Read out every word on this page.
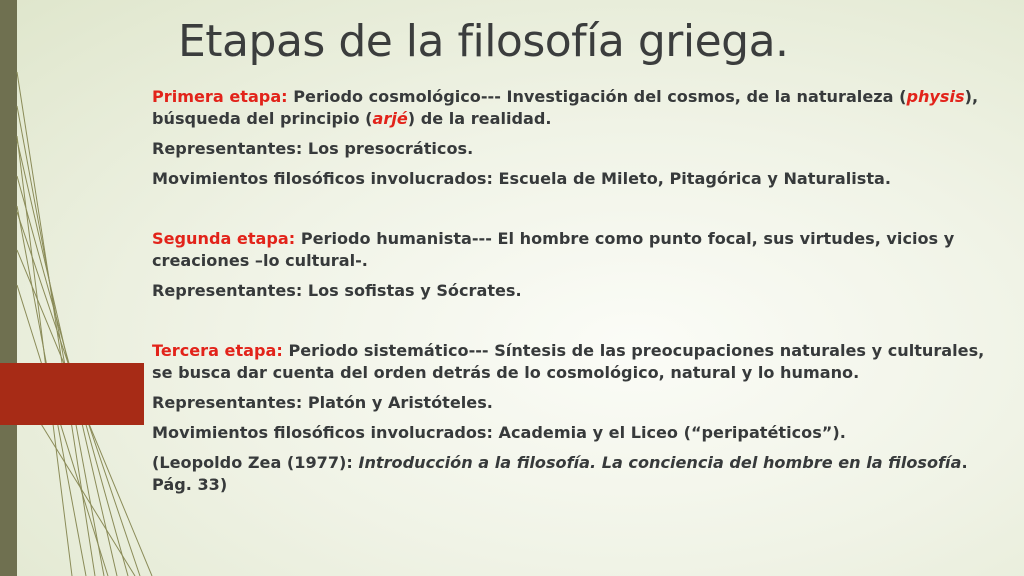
Etapas de la filosofía griega.

Primera etapa: Periodo cosmológico--- Investigación del cosmos, de la naturaleza (physis), búsqueda del principio (arjé) de la realidad.

Representantes: Los presocráticos.

Movimientos filosóficos involucrados: Escuela de Mileto, Pitagórica y Naturalista.

Segunda etapa: Periodo humanista--- El hombre como punto focal, sus virtudes, vicios y creaciones –lo cultural-.

Representantes: Los sofistas y Sócrates.

Tercera etapa: Periodo sistemático--- Síntesis de las preocupaciones naturales y culturales, se busca dar cuenta del orden detrás de lo cosmológico, natural y lo humano.

Representantes: Platón y Aristóteles.

Movimientos filosóficos involucrados: Academia y el Liceo (“peripatéticos”).

(Leopoldo Zea (1977): Introducción a la filosofía. La conciencia del hombre en la filosofía. Pág. 33)
